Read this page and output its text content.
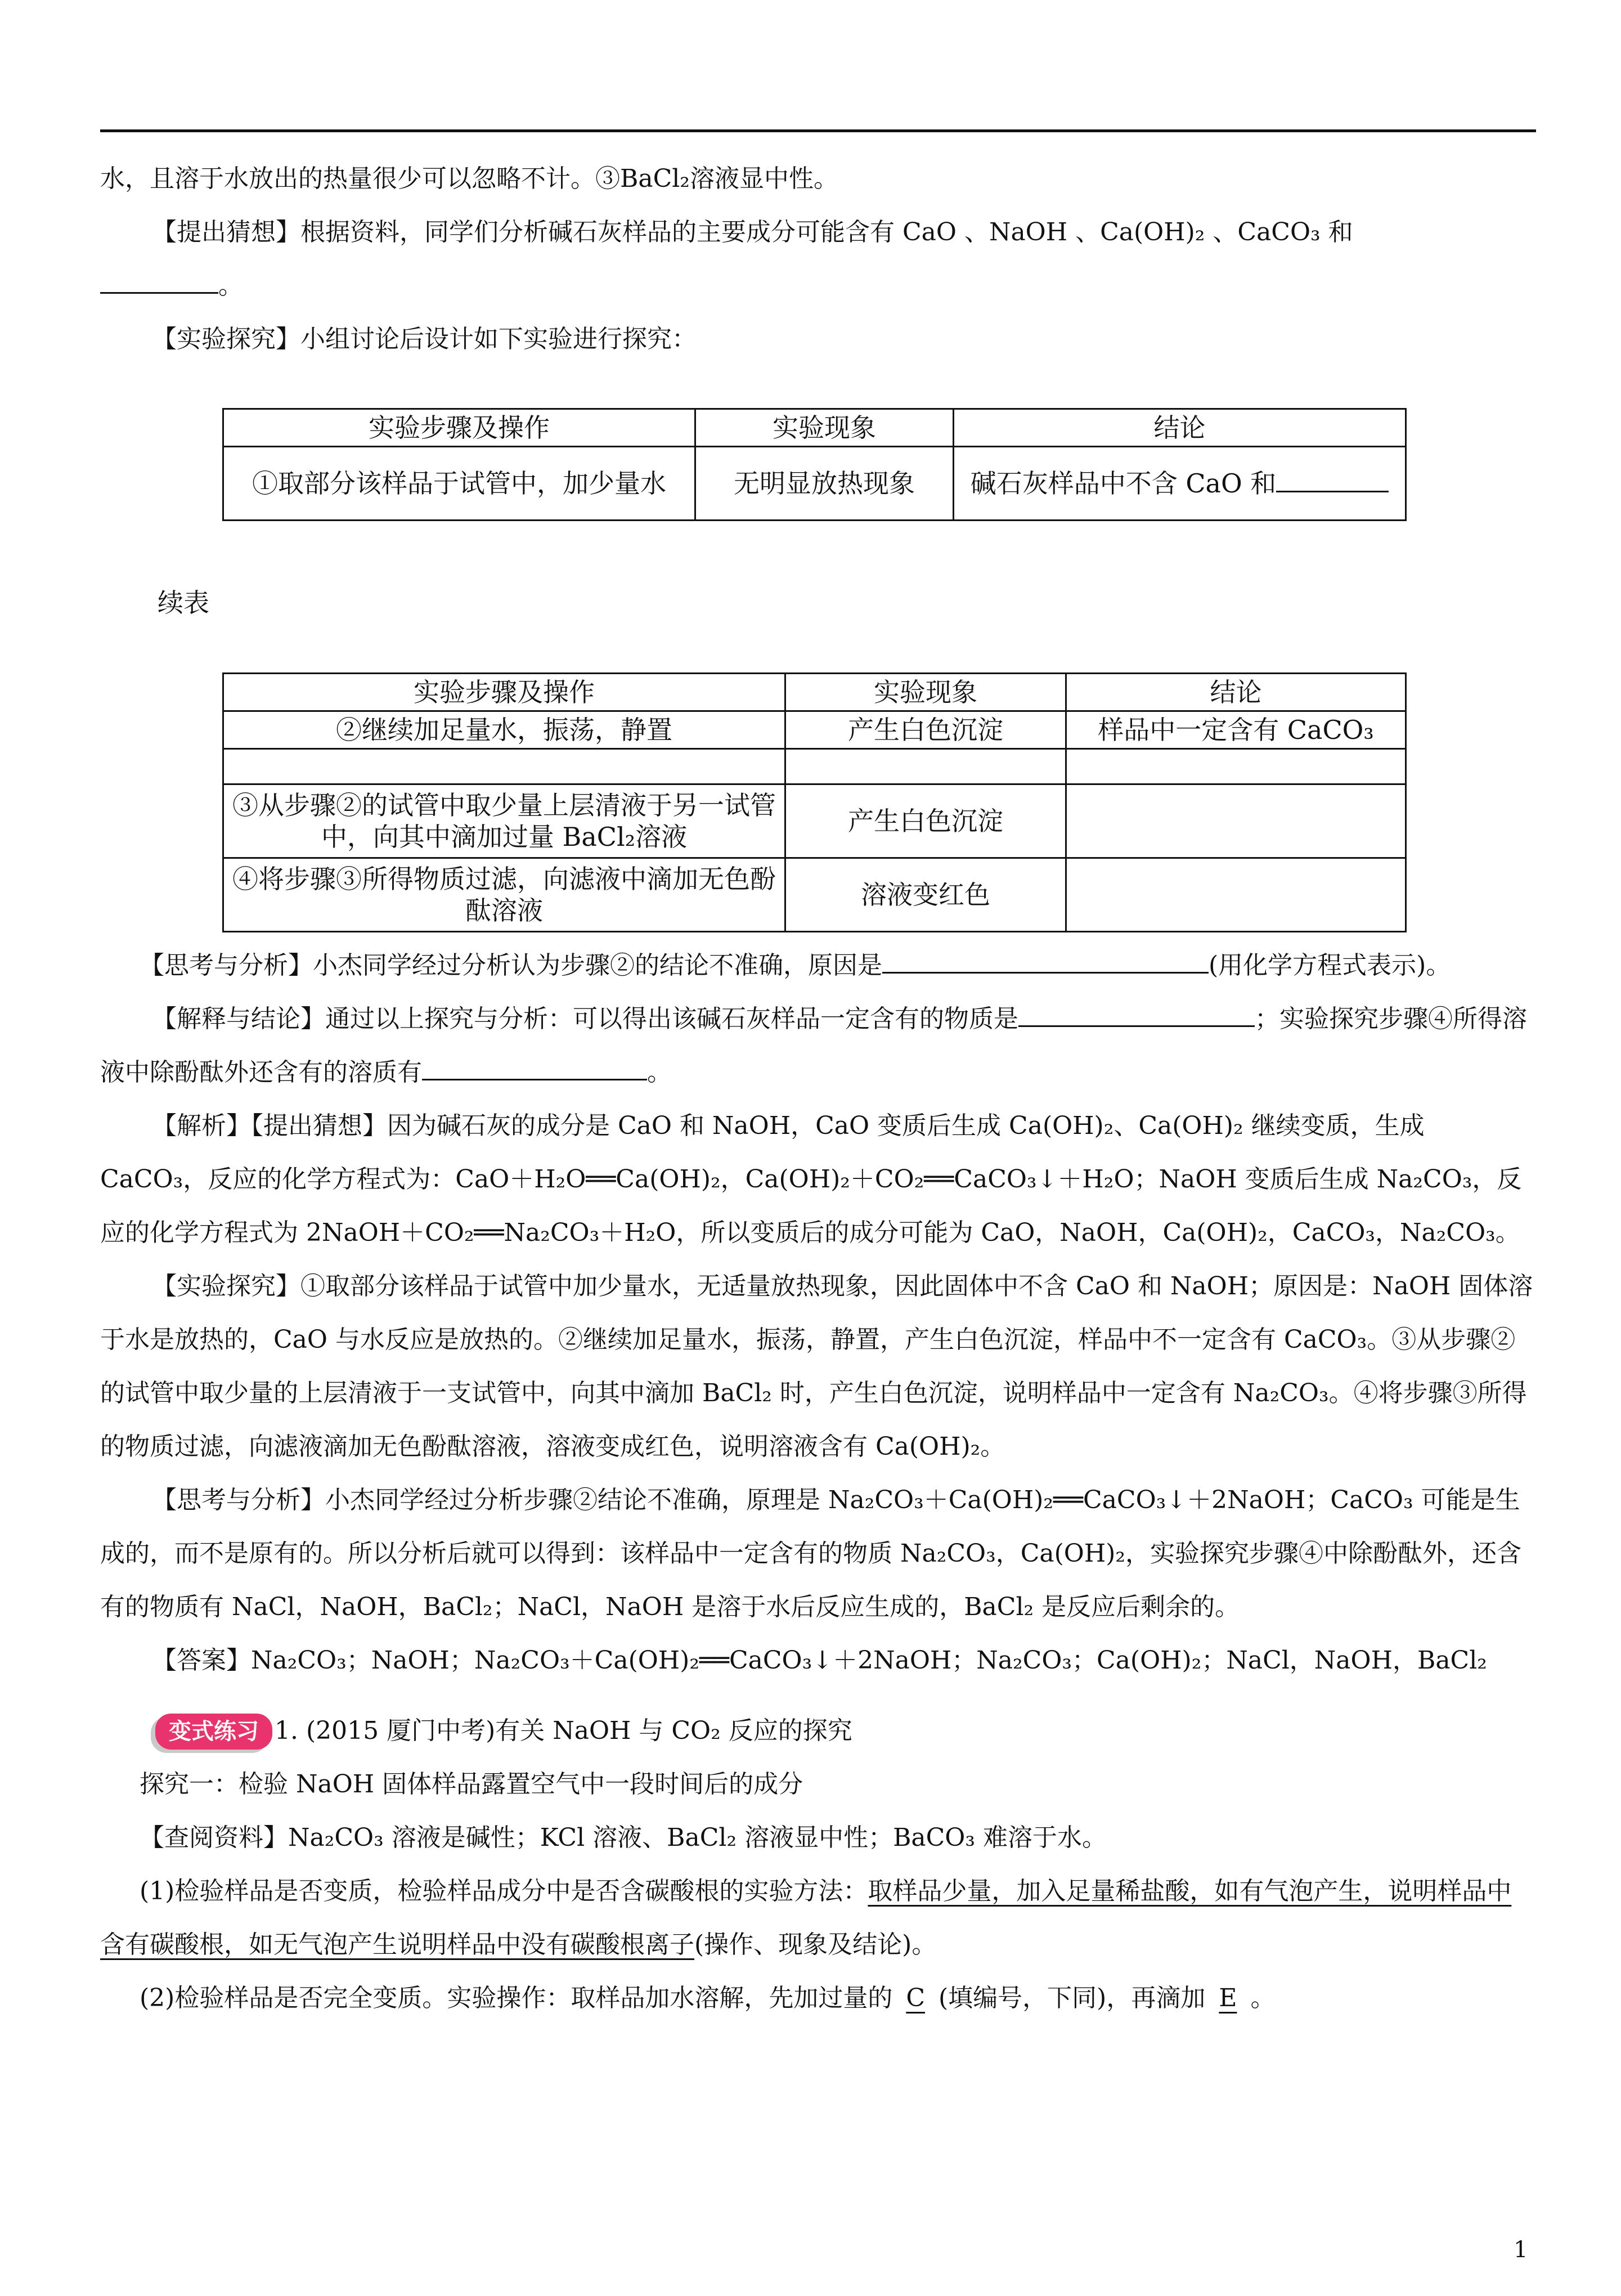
水，且溶于水放出的热量很少可以忽略不计。③BaCl₂溶液显中性。

【提出猜想】根据资料，同学们分析碱石灰样品的主要成分可能含有 CaO 、NaOH 、Ca(OH)₂ 、CaCO₃ 和

。

【实验探究】小组讨论后设计如下实验进行探究：

实验步骤及操作	实验现象	结论
①取部分该样品于试管中，加少量水	无明显放热现象	碱石灰样品中不含 CaO 和
续表
实验步骤及操作	实验现象	结论
②继续加足量水，振荡，静置	产生白色沉淀	样品中一定含有 CaCO₃

③从步骤②的试管中取少量上层清液于另一试管中，向其中滴加过量 BaCl₂溶液	产生白色沉淀	
④将步骤③所得物质过滤，向滤液中滴加无色酚酞溶液	溶液变红色	

【思考与分析】小杰同学经过分析认为步骤②的结论不准确，原因是	(用化学方程式表示)。

【解释与结论】通过以上探究与分析：可以得出该碱石灰样品一定含有的物质是	；实验探究步骤④所得溶液中除酚酞外还含有的溶质有	。

【解析】【提出猜想】因为碱石灰的成分是 CaO 和 NaOH，CaO 变质后生成 Ca(OH)₂、Ca(OH)₂ 继续变质，生成 CaCO₃，反应的化学方程式为：CaO＋H₂O══Ca(OH)₂，Ca(OH)₂＋CO₂══CaCO₃↓＋H₂O；NaOH 变质后生成 Na₂CO₃，反应的化学方程式为 2NaOH＋CO₂══Na₂CO₃＋H₂O，所以变质后的成分可能为 CaO，NaOH，Ca(OH)₂，CaCO₃，Na₂CO₃。

【实验探究】①取部分该样品于试管中加少量水，无适量放热现象，因此固体中不含 CaO 和 NaOH；原因是：NaOH 固体溶于水是放热的，CaO 与水反应是放热的。②继续加足量水，振荡，静置，产生白色沉淀，样品中不一定含有 CaCO₃。③从步骤②的试管中取少量的上层清液于一支试管中，向其中滴加 BaCl₂ 时，产生白色沉淀，说明样品中一定含有 Na₂CO₃。④将步骤③所得的物质过滤，向滤液滴加无色酚酞溶液，溶液变成红色，说明溶液含有 Ca(OH)₂。

【思考与分析】小杰同学经过分析步骤②结论不准确，原理是 Na₂CO₃＋Ca(OH)₂══CaCO₃↓＋2NaOH；CaCO₃ 可能是生成的，而不是原有的。所以分析后就可以得到：该样品中一定含有的物质 Na₂CO₃，Ca(OH)₂，实验探究步骤④中除酚酞外，还含有的物质有 NaCl，NaOH，BaCl₂；NaCl，NaOH 是溶于水后反应生成的，BaCl₂ 是反应后剩余的。

【答案】Na₂CO₃；NaOH；Na₂CO₃＋Ca(OH)₂══CaCO₃↓＋2NaOH；Na₂CO₃；Ca(OH)₂；NaCl，NaOH，BaCl₂

变式练习 1. (2015 厦门中考)有关 NaOH 与 CO₂ 反应的探究

探究一：检验 NaOH 固体样品露置空气中一段时间后的成分

【查阅资料】Na₂CO₃ 溶液是碱性；KCl 溶液、BaCl₂ 溶液显中性；BaCO₃ 难溶于水。

(1)检验样品是否变质，检验样品成分中是否含碳酸根的实验方法：取样品少量，加入足量稀盐酸，如有气泡产生，说明样品中含有碳酸根，如无气泡产生说明样品中没有碳酸根离子(操作、现象及结论)。

(2)检验样品是否完全变质。实验操作：取样品加水溶解，先加过量的 C (填编号，下同)，再滴加 E 。

1
